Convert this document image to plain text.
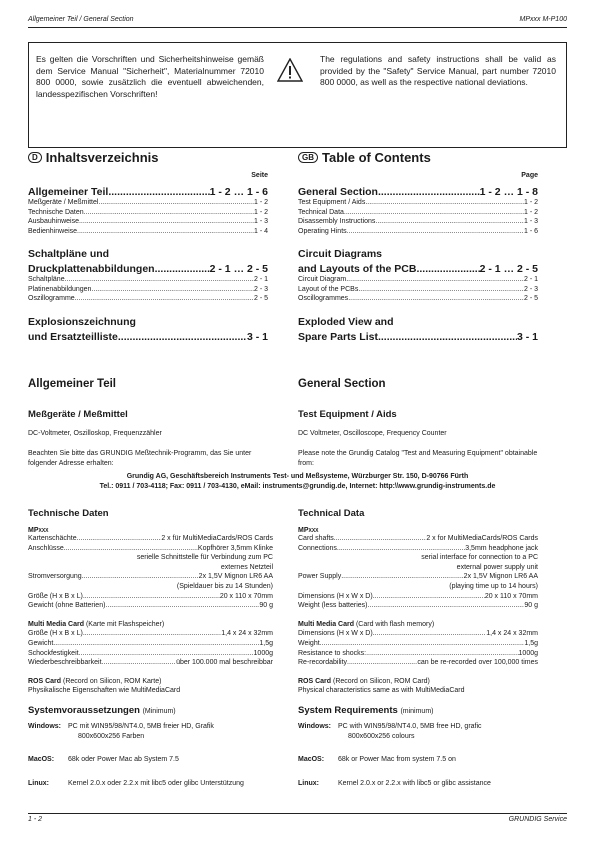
Allgemeiner Teil / General Section	MPxxx M-P100
Es gelten die Vorschriften und Sicherheitshinweise gemäß dem Service Manual "Sicherheit", Materialnummer 72010 800 0000, sowie zusätzlich die eventuell abweichenden, landesspezifischen Vorschriften!
The regulations and safety instructions shall be valid as provided by the "Safety" Service Manual, part number 72010 800 0000, as well as the respective national deviations.
D Inhaltsverzeichnis
Seite
Allgemeiner Teil .....	1 - 2 … 1 - 6
Meßgeräte / Meßmittel .....	1 - 2
Technische Daten .....	1 - 2
Ausbauhinweise .....	1 - 3
Bedienhinweise .....	1 - 4
Schaltpläne und
Druckplattenabbildungen .....	2 - 1 … 2 - 5
Schaltpläne .....	2 - 1
Platinenabbildungen .....	2 - 3
Oszillogramme .....	2 - 5
Explosionszeichnung
und Ersatzteilliste .....	3 - 1
GB Table of Contents
Page
General Section .....	1 - 2 … 1 - 8
Test Equipment / Aids .....	1 - 2
Technical Data .....	1 - 2
Disassembly Instructions .....	1 - 3
Operating Hints .....	1 - 6
Circuit Diagrams
and Layouts of the PCB .....	2 - 1 … 2 - 5
Circuit Diagram .....	2 - 1
Layout of the PCBs .....	2 - 3
Oscillogrammes .....	2 - 5
Exploded View and
Spare Parts List .....	3 - 1
Allgemeiner Teil	General Section
Meßgeräte / Meßmittel	Test Equipment / Aids
DC-Voltmeter, Oszilloskop, Frequenzzähler	DC Voltmeter, Oscilloscope, Frequency Counter
Beachten Sie bitte das GRUNDIG Meßtechnik-Programm, das Sie unter folgender Adresse erhalten:
Please note the Grundig Catalog "Test and Measuring Equipment" obtainable from:
Grundig AG, Geschäftsbereich Instruments Test- und Meßsysteme, Würzburger Str. 150, D-90766 Fürth
Tel.: 0911 / 703-4118; Fax: 0911 / 703-4130, eMail: instruments@grundig.de, Internet: http:\\www.grundig-instruments.de
Technische Daten
MPXXX
Kartenschächte .....	2 x für MultiMediaCards/ROS Cards
Anschlüsse .....	Kopfhörer 3,5mm Klinke
serielle Schnittstelle für Verbindung zum PC
externes Netzteil
Stromversorgung .....	2x 1,5V Mignon LR6 AA
(Spieldauer bis zu 14 Stunden)
Größe (H x B x L) .....	20 x 110 x 70mm
Gewicht (ohne Batterien) .....	90 g
Multi Media Card (Karte mit Flashspeicher)
Größe (H x B x L) .....	1,4 x 24 x 32mm
Gewicht .....	1,5g
Schockfestigkeit .....	1000g
Wiederbeschreibbarkeit .....	über 100.000 mal beschreibbar
ROS Card (Record on Silicon, ROM Karte)
Physikalische Eigenschaften wie MultiMediaCard
Systemvoraussetzungen (Minimum)
Windows:	PC mit WIN95/98/NT4.0, 5MB freier HD, Grafik
800x600x256 Farben
MacOS:	68k oder Power Mac ab System 7.5
Linux:	Kernel 2.0.x oder 2.2.x mit libc5 oder glibc Unterstützung
Technical Data
MPXXX
Card shafts .....	2 x for MultiMediaCards/ROS Cards
Connections .....	3,5mm headphone jack
serial interface for connection to a PC
external power supply unit
Power Supply .....	2x 1,5V Mignon LR6 AA
(playing time up to 14 hours)
Dimensions (H x W x D) .....	20 x 110 x 70mm
Weight (less batteries) .....	90 g
Multi Media Card (Card with flash memory)
Dimensions (H x W x D) .....	1,4 x 24 x 32mm
Weight .....	1,5g
Resistance to shocks: .....	1000g
Re-recordability .....	can be re-recorded over 100,000 times
ROS Card (Record on Silicon, ROM Card)
Physical characteristics same as with MultiMediaCard
System Requirements (minimum)
Windows:	PC with WIN95/98/NT4.0, 5MB free HD, grafic
800x600x256 colours
MacOS:	68k or Power Mac from system 7.5 on
Linux:	Kernel 2.0.x or 2.2.x with libc5 or glibc assistance
1 - 2	GRUNDIG Service
